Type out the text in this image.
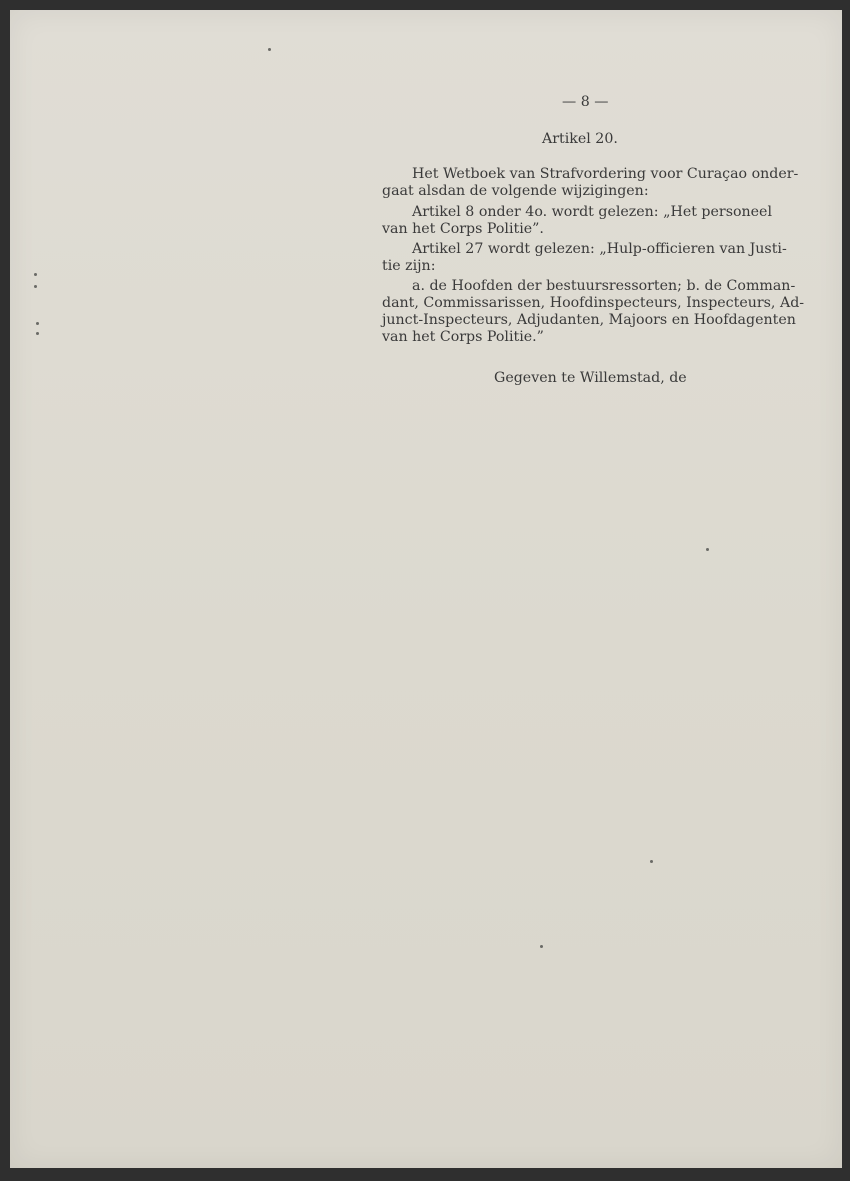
— 8 —
Artikel 20.
Het Wetboek van Strafvordering voor Curaçao onder-
gaat alsdan de volgende wijzigingen:
Artikel 8 onder 4o. wordt gelezen: „Het personeel
van het Corps Politie”.
Artikel 27 wordt gelezen: „Hulp-officieren van Justi-
tie zijn:
a. de Hoofden der bestuursressorten; b. de Comman-
dant, Commissarissen, Hoofdinspecteurs, Inspecteurs, Ad-
junct-Inspecteurs, Adjudanten, Majoors en Hoofdagenten
van het Corps Politie.”
Gegeven te Willemstad, de
